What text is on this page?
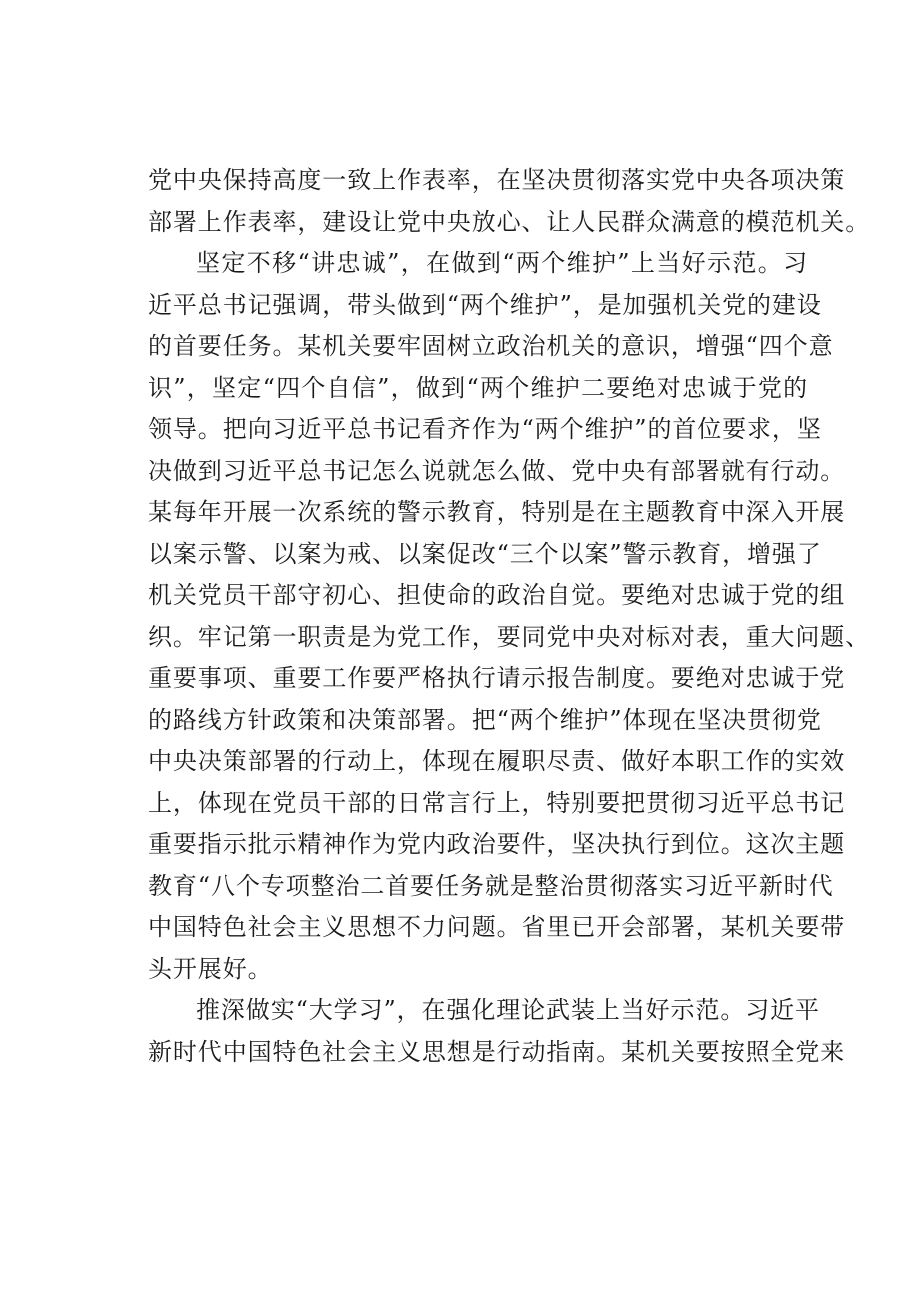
党中央保持高度一致上作表率，在坚决贯彻落实党中央各项决策
部署上作表率，建设让党中央放心、让人民群众满意的模范机关。
坚定不移“讲忠诚”，在做到“两个维护”上当好示范。习
近平总书记强调，带头做到“两个维护”，是加强机关党的建设
的首要任务。某机关要牢固树立政治机关的意识，增强“四个意
识”，坚定“四个自信”，做到“两个维护二要绝对忠诚于党的
领导。把向习近平总书记看齐作为“两个维护”的首位要求，坚
决做到习近平总书记怎么说就怎么做、党中央有部署就有行动。
某每年开展一次系统的警示教育，特别是在主题教育中深入开展
以案示警、以案为戒、以案促改“三个以案”警示教育，增强了
机关党员干部守初心、担使命的政治自觉。要绝对忠诚于党的组
织。牢记第一职责是为党工作，要同党中央对标对表，重大问题、
重要事项、重要工作要严格执行请示报告制度。要绝对忠诚于党
的路线方针政策和决策部署。把“两个维护”体现在坚决贯彻党
中央决策部署的行动上，体现在履职尽责、做好本职工作的实效
上，体现在党员干部的日常言行上，特别要把贯彻习近平总书记
重要指示批示精神作为党内政治要件，坚决执行到位。这次主题
教育“八个专项整治二首要任务就是整治贯彻落实习近平新时代
中国特色社会主义思想不力问题。省里已开会部署，某机关要带
头开展好。
推深做实“大学习”，在强化理论武装上当好示范。习近平
新时代中国特色社会主义思想是行动指南。某机关要按照全党来
